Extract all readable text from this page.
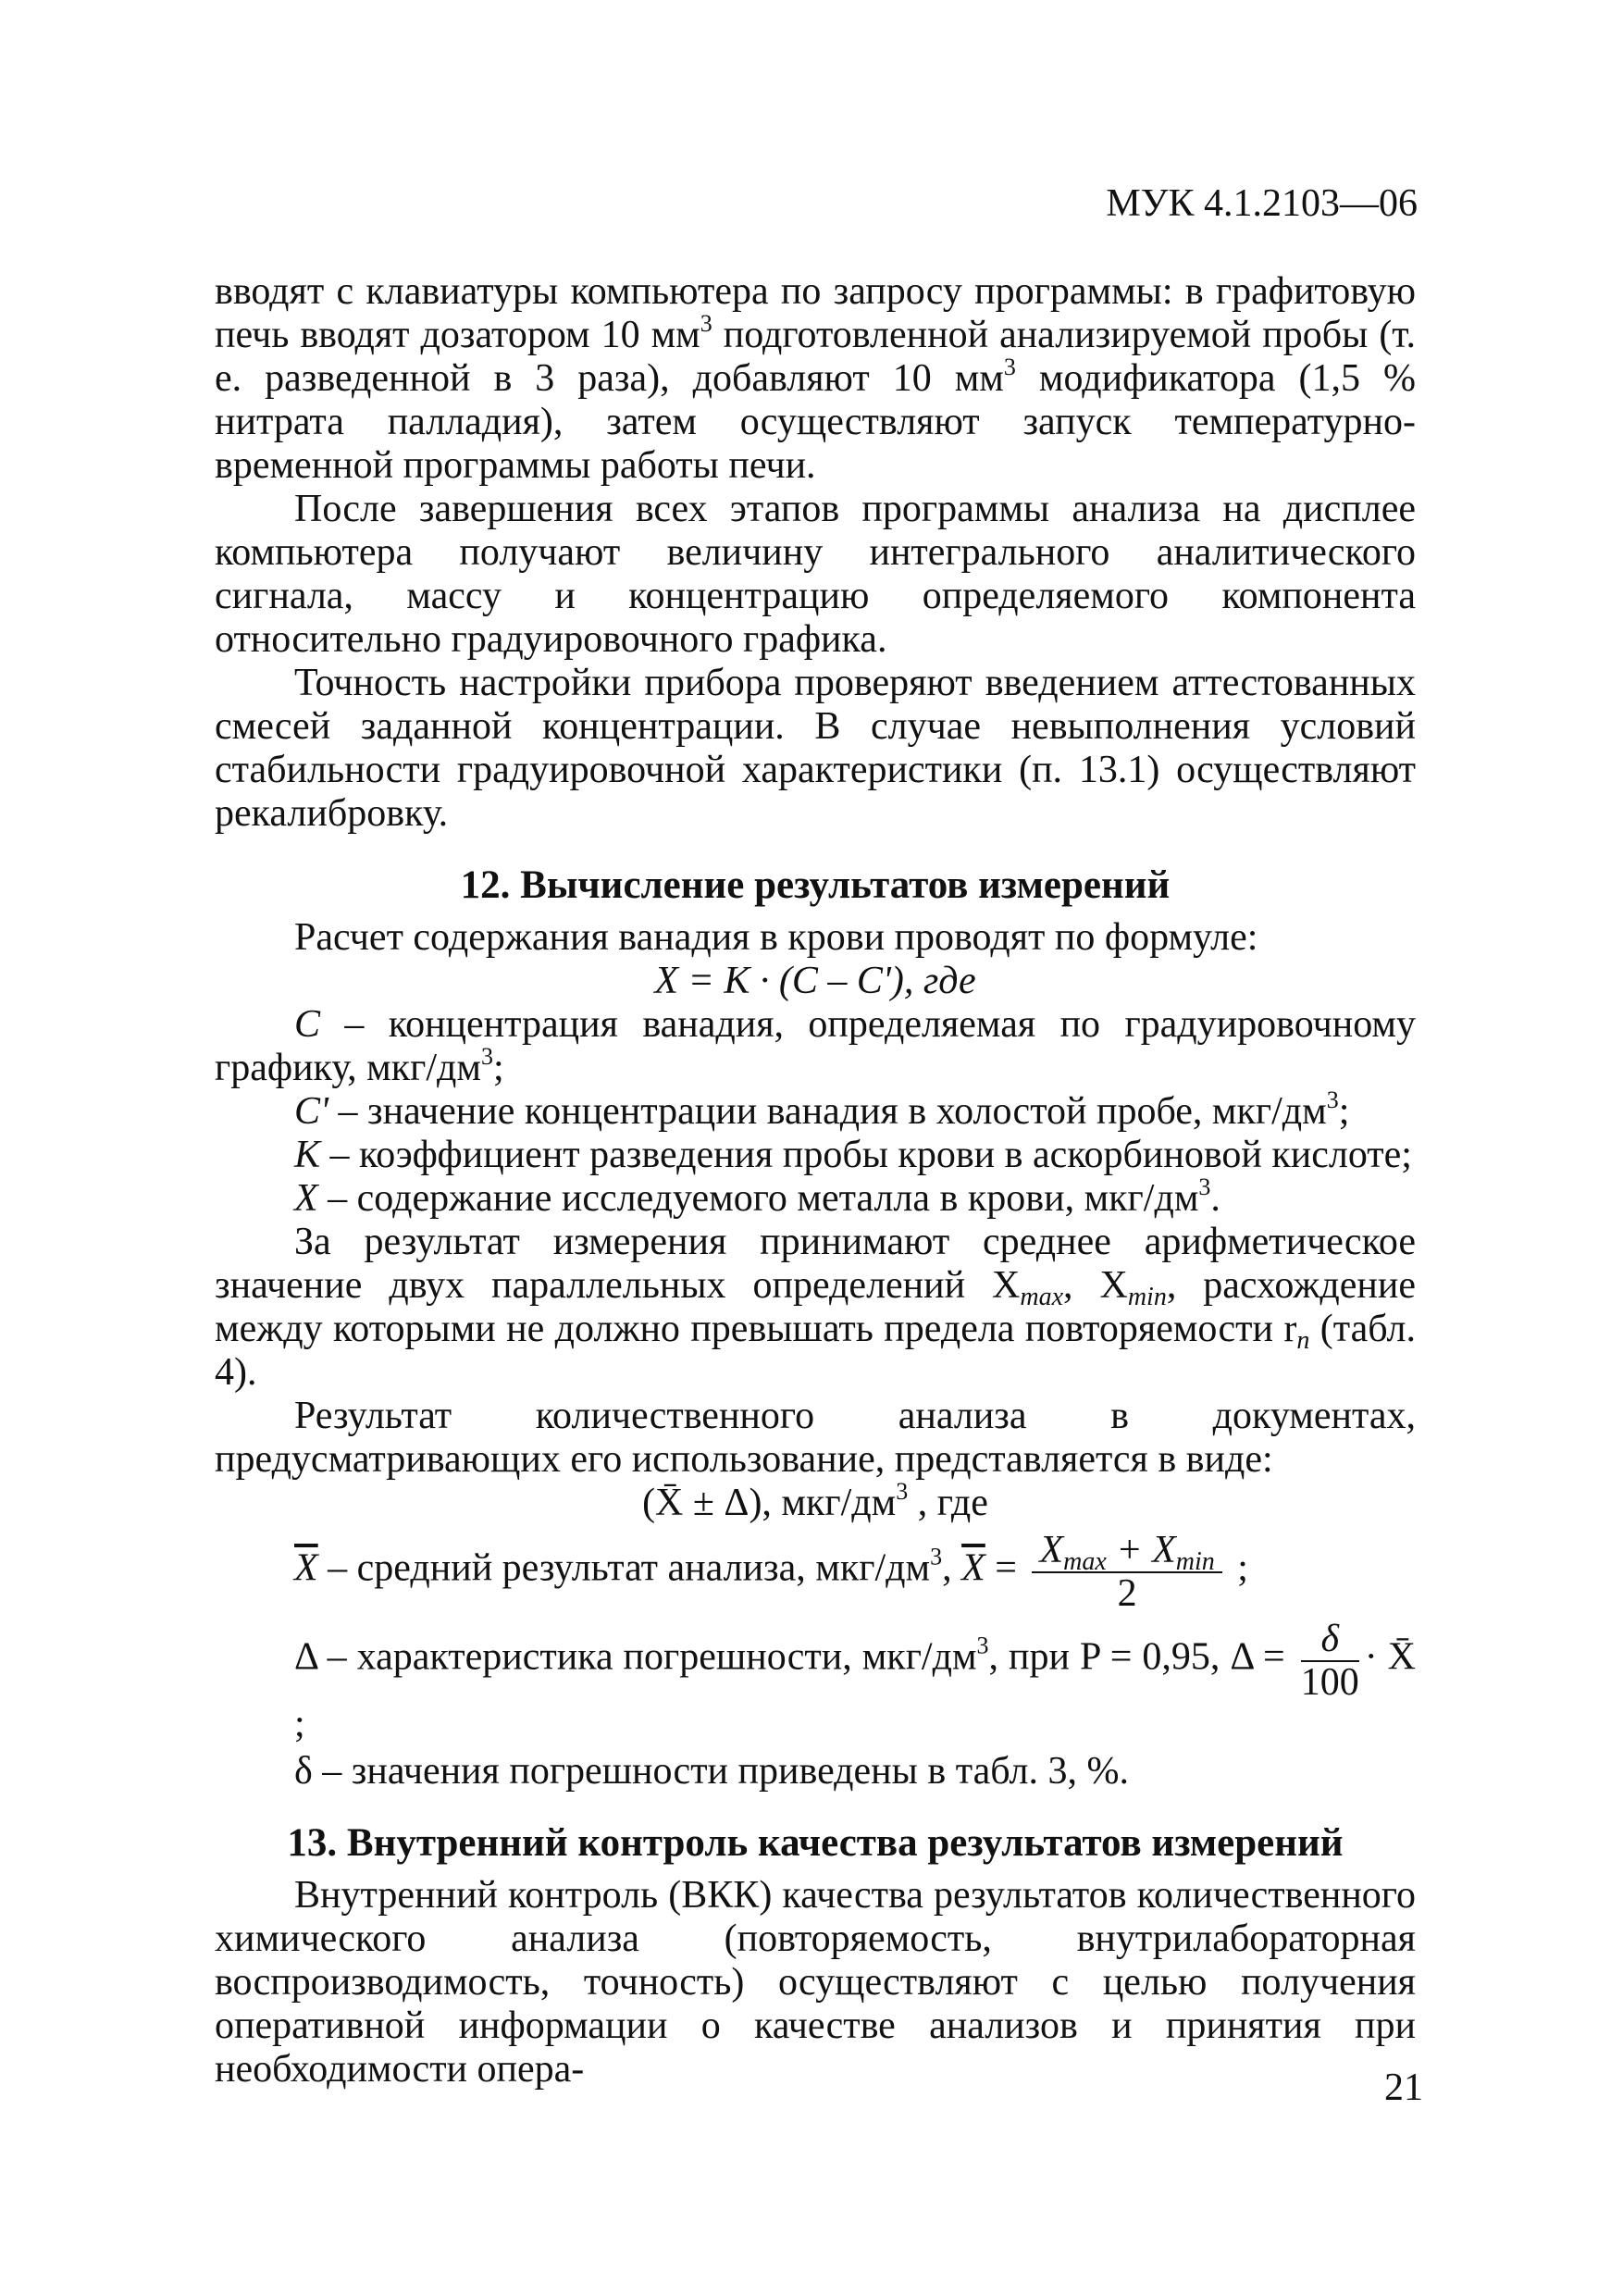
МУК 4.1.2103—06

вводят с клавиатуры компьютера по запросу программы: в графитовую печь вводят дозатором 10 $мм^3$ подготовленной анализируемой пробы (т. е. разведенной в 3 раза), добавляют 10 $мм^3$ модификатора (1,5 % нитрата палладия), затем осуществляют запуск температурно-временной программы работы печи.

После завершения всех этапов программы анализа на дисплее компьютера получают величину интегрального аналитического сигнала, массу и концентрацию определяемого компонента относительно градуировочного графика.

Точность настройки прибора проверяют введением аттестованных смесей заданной концентрации. В случае невыполнения условий стабильности градуировочной характеристики (п. 13.1) осуществляют рекалибровку.

12. Вычисление результатов измерений

Расчет содержания ванадия в крови проводят по формуле:

X = K · (C – C'), где

C – концентрация ванадия, определяемая по градуировочному графику, мкг/$дм^3$;

C' – значение концентрации ванадия в холостой пробе, мкг/$дм^3$;

K – коэффициент разведения пробы крови в аскорбиновой кислоте;

X – содержание исследуемого металла в крови, мкг/$дм^3$.

За результат измерения принимают среднее арифметическое значение двух параллельных определений $X_{max}$, $X_{min}$, расхождение между которыми не должно превышать предела повторяемости $r_n$ (табл. 4).

Результат количественного анализа в документах, предусматривающих его использование, представляется в виде:

(X̄ ± Δ), мкг/$дм^3$ , где

$\overline{X}$ – средний результат анализа, мкг/$дм^3$, $\overline{X} = \frac{X_{max} + X_{min}}{2}$ ;

Δ – характеристика погрешности, мкг/$дм^3$, при P = 0,95, $\Delta = \frac{\delta}{100}$ · X̄ ;

δ – значения погрешности приведены в табл. 3, %.

13. Внутренний контроль качества результатов измерений

Внутренний контроль (ВКК) качества результатов количественного химического анализа (повторяемость, внутрилабораторная воспроизводимость, точность) осуществляют с целью получения оперативной информации о качестве анализов и принятия при необходимости опера-	21
